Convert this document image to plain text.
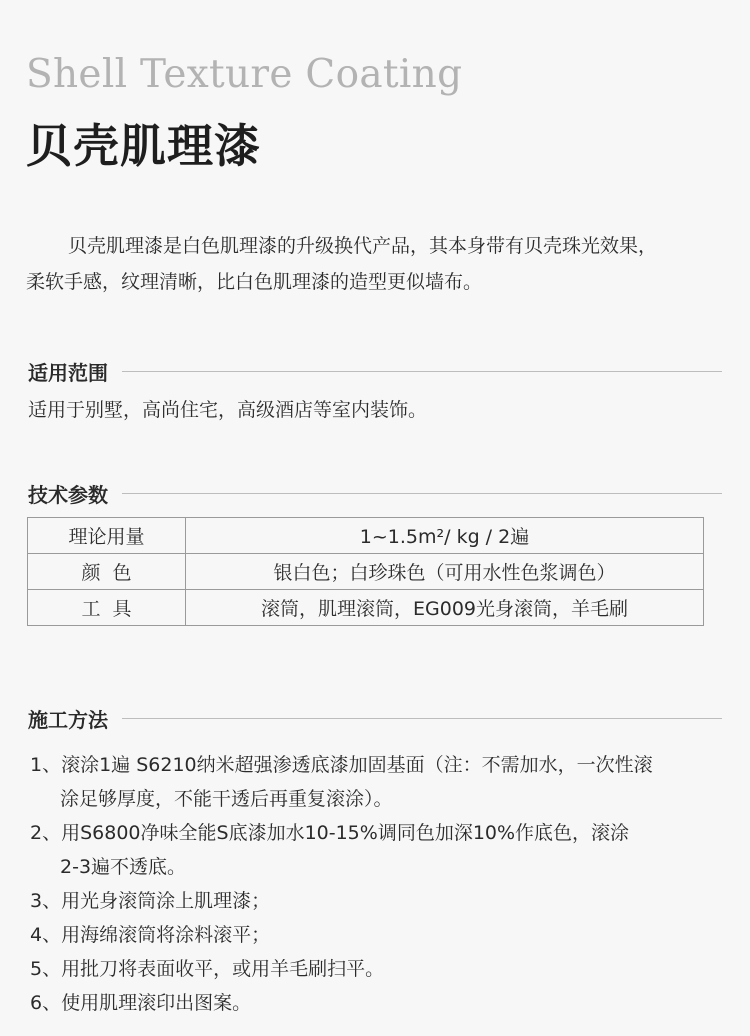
Shell Texture Coating
贝壳肌理漆

贝壳肌理漆是白色肌理漆的升级换代产品，其本身带有贝壳珠光效果，
柔软手感，纹理清晰，比白色肌理漆的造型更似墙布。

适用范围

适用于别墅，高尚住宅，高级酒店等室内装饰。

技术参数
理论用量	1~1.5m²/ kg / 2遍
颜  色	银白色；白珍珠色（可用水性色浆调色）
工  具	滚筒，肌理滚筒，EG009光身滚筒，羊毛刷
施工方法
1、滚涂1遍 S6210纳米超强渗透底漆加固基面（注：不需加水，一次性滚
涂足够厚度，不能干透后再重复滚涂）。
2、用S6800净味全能S底漆加水10-15%调同色加深10%作底色，滚涂
2-3遍不透底。
3、用光身滚筒涂上肌理漆；
4、用海绵滚筒将涂料滚平；
5、用批刀将表面收平，或用羊毛刷扫平。
6、使用肌理滚印出图案。
